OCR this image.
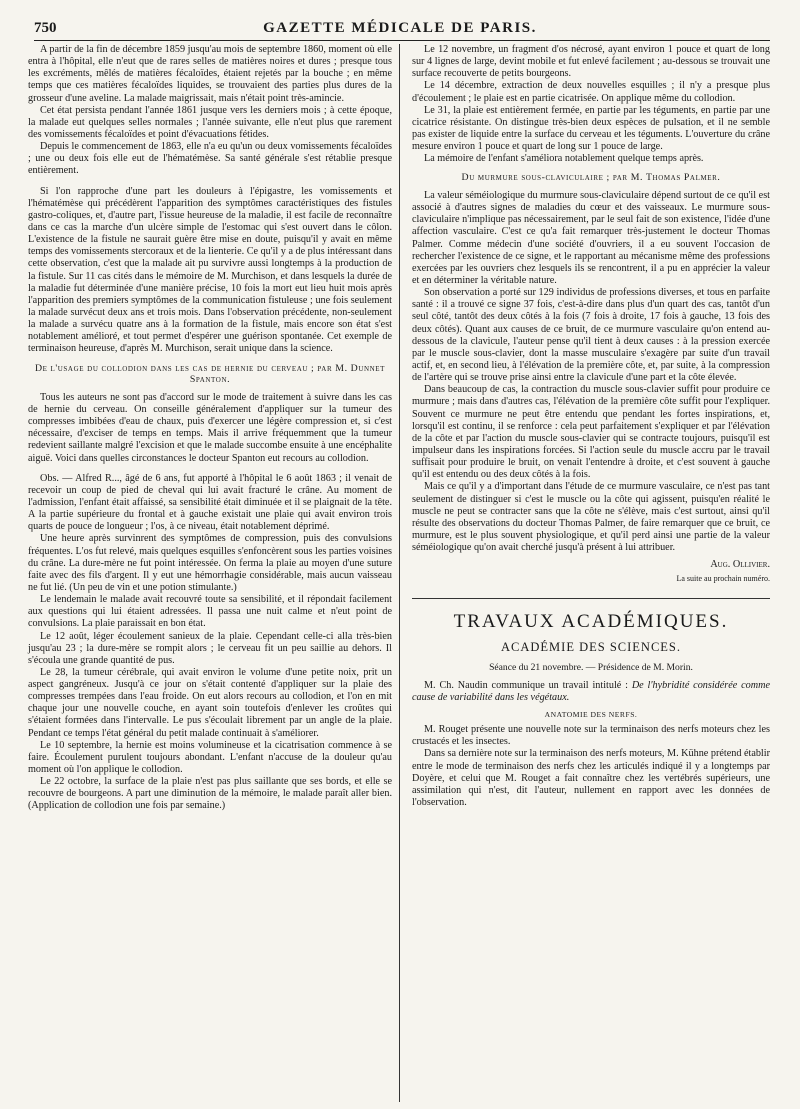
750	GAZETTE MÉDICALE DE PARIS.

A partir de la fin de décembre 1859 jusqu'au mois de septembre 1860, moment où elle entra à l'hôpital, elle n'eut que de rares selles de matières noires et dures ; presque tous les excréments, mêlés de matières fécaloïdes, étaient rejetés par la bouche ; en même temps que ces matières fécaloïdes liquides, se trouvaient des parties plus dures de la grosseur d'une aveline. La malade maigrissait, mais n'était point très-amincie.

Cet état persista pendant l'année 1861 jusque vers les derniers mois ; à cette époque, la malade eut quelques selles normales ; l'année suivante, elle n'eut plus que rarement des vomissements fécaloïdes et point d'évacuations fétides.

Depuis le commencement de 1863, elle n'a eu qu'un ou deux vomissements fécaloïdes ; une ou deux fois elle eut de l'hématémèse. Sa santé générale s'est rétablie presque entièrement.

Si l'on rapproche d'une part les douleurs à l'épigastre, les vomissements et l'hématémèse qui précédèrent l'apparition des symptômes caractéristiques des fistules gastro-coliques, et, d'autre part, l'issue heureuse de la maladie, il est facile de reconnaître dans ce cas la marche d'un ulcère simple de l'estomac qui s'est ouvert dans le côlon. L'existence de la fistule ne saurait guère être mise en doute, puisqu'il y avait en même temps des vomissements stercoraux et de la lienterie. Ce qu'il y a de plus intéressant dans cette observation, c'est que la malade ait pu survivre aussi longtemps à la production de la fistule. Sur 11 cas cités dans le mémoire de M. Murchison, et dans lesquels la durée de la maladie fut déterminée d'une manière précise, 10 fois la mort eut lieu huit mois après l'apparition des premiers symptômes de la communication fistuleuse ; une fois seulement la malade survécut deux ans et trois mois. Dans l'observation précédente, non-seulement la malade a survécu quatre ans à la formation de la fistule, mais encore son état s'est notablement amélioré, et tout permet d'espérer une guérison spontanée. Cet exemple de terminaison heureuse, d'après M. Murchison, serait unique dans la science.

De l'usage du collodion dans les cas de hernie du cerveau ; par M. Dunnet Spanton.

Tous les auteurs ne sont pas d'accord sur le mode de traitement à suivre dans les cas de hernie du cerveau. On conseille généralement d'appliquer sur la tumeur des compresses imbibées d'eau de chaux, puis d'exercer une légère compression et, si c'est nécessaire, d'exciser de temps en temps. Mais il arrive fréquemment que la tumeur redevient saillante malgré l'excision et que le malade succombe ensuite à une encéphalite aiguë. Voici dans quelles circonstances le docteur Spanton eut recours au collodion.

Obs. — Alfred R..., âgé de 6 ans, fut apporté à l'hôpital le 6 août 1863 ; il venait de recevoir un coup de pied de cheval qui lui avait fracturé le crâne. Au moment de l'admission, l'enfant était affaissé, sa sensibilité était diminuée et il se plaignait de la tête. A la partie supérieure du frontal et à gauche existait une plaie qui avait environ trois quarts de pouce de longueur ; l'os, à ce niveau, était notablement déprimé.

Une heure après survinrent des symptômes de compression, puis des convulsions fréquentes. L'os fut relevé, mais quelques esquilles s'enfoncèrent sous les parties voisines du crâne. La dure-mère ne fut point intéressée. On ferma la plaie au moyen d'une suture faite avec des fils d'argent. Il y eut une hémorrhagie considérable, mais aucun vaisseau ne fut lié. (Un peu de vin et une potion stimulante.)

Le lendemain le malade avait recouvré toute sa sensibilité, et il répondait facilement aux questions qui lui étaient adressées. Il passa une nuit calme et n'eut point de convulsions. La plaie paraissait en bon état.

Le 12 août, léger écoulement sanieux de la plaie. Cependant celle-ci alla très-bien jusqu'au 23 ; la dure-mère se rompit alors ; le cerveau fit un peu saillie au dehors. Il s'écoula une grande quantité de pus.

Le 28, la tumeur cérébrale, qui avait environ le volume d'une petite noix, prit un aspect gangréneux. Jusqu'à ce jour on s'était contenté d'appliquer sur la plaie des compresses trempées dans l'eau froide. On eut alors recours au collodion, et l'on en mit chaque jour une nouvelle couche, en ayant soin toutefois d'enlever les croûtes qui s'étaient formées dans l'intervalle. Le pus s'écoulait librement par un angle de la plaie. Pendant ce temps l'état général du petit malade continuait à s'améliorer.

Le 10 septembre, la hernie est moins volumineuse et la cicatrisation commence à se faire. Écoulement purulent toujours abondant. L'enfant n'accuse de la douleur qu'au moment où l'on applique le collodion.

Le 22 octobre, la surface de la plaie n'est pas plus saillante que ses bords, et elle se recouvre de bourgeons. A part une diminution de la mémoire, le malade paraît aller bien. (Application de collodion une fois par semaine.)

Le 12 novembre, un fragment d'os nécrosé, ayant environ 1 pouce et quart de long sur 4 lignes de large, devint mobile et fut enlevé facilement ; au-dessous se trouvait une surface recouverte de petits bourgeons.

Le 14 décembre, extraction de deux nouvelles esquilles ; il n'y a presque plus d'écoulement ; le plaie est en partie cicatrisée. On applique même du collodion.

Le 31, la plaie est entièrement fermée, en partie par les téguments, en partie par une cicatrice résistante. On distingue très-bien deux espèces de pulsation, et il ne semble pas exister de liquide entre la surface du cerveau et les téguments. L'ouverture du crâne mesure environ 1 pouce et quart de long sur 1 pouce de large.

La mémoire de l'enfant s'améliora notablement quelque temps après.

Du murmure sous-claviculaire ; par M. Thomas Palmer.

La valeur séméiologique du murmure sous-claviculaire dépend surtout de ce qu'il est associé à d'autres signes de maladies du cœur et des vaisseaux. Le murmure sous-claviculaire n'implique pas nécessairement, par le seul fait de son existence, l'idée d'une affection vasculaire. C'est ce qu'a fait remarquer très-justement le docteur Thomas Palmer. Comme médecin d'une société d'ouvriers, il a eu souvent l'occasion de rechercher l'existence de ce signe, et le rapportant au mécanisme même des professions exercées par les ouvriers chez lesquels ils se rencontrent, il a pu en apprécier la valeur et en déterminer la véritable nature.

Son observation a porté sur 129 individus de professions diverses, et tous en parfaite santé : il a trouvé ce signe 37 fois, c'est-à-dire dans plus d'un quart des cas, tantôt d'un seul côté, tantôt des deux côtés à la fois (7 fois à droite, 17 fois à gauche, 13 fois des deux côtés). Quant aux causes de ce bruit, de ce murmure vasculaire qu'on entend au-dessous de la clavicule, l'auteur pense qu'il tient à deux causes : à la pression exercée par le muscle sous-clavier, dont la masse musculaire s'exagère par suite d'un travail actif, et, en second lieu, à l'élévation de la première côte, et, par suite, à la compression de l'artère qui se trouve prise ainsi entre la clavicule d'une part et la côte élevée.

Dans beaucoup de cas, la contraction du muscle sous-clavier suffit pour produire ce murmure ; mais dans d'autres cas, l'élévation de la première côte suffit pour l'expliquer. Souvent ce murmure ne peut être entendu que pendant les fortes inspirations, et, lorsqu'il est continu, il se renforce : cela peut parfaitement s'expliquer et par l'élévation de la côte et par l'action du muscle sous-clavier qui se contracte toujours, puisqu'il est impulseur dans les inspirations forcées. Si l'action seule du muscle accru par le travail suffisait pour produire le bruit, on venait l'entendre à droite, et c'est souvent à gauche qu'il est entendu ou des deux côtés à la fois.

Mais ce qu'il y a d'important dans l'étude de ce murmure vasculaire, ce n'est pas tant seulement de distinguer si c'est le muscle ou la côte qui agissent, puisqu'en réalité le muscle ne peut se contracter sans que la côte ne s'élève, mais c'est surtout, ainsi qu'il résulte des observations du docteur Thomas Palmer, de faire remarquer que ce bruit, ce murmure, est le plus souvent physiologique, et qu'il perd ainsi une partie de la valeur séméiologique qu'on avait cherché jusqu'à présent à lui attribuer.

Aug. Ollivier.
La suite au prochain numéro.
TRAVAUX ACADÉMIQUES.
ACADÉMIE DES SCIENCES.
Séance du 21 novembre. — Présidence de M. Morin.

M. Ch. Naudin communique un travail intitulé : De l'hybridité considérée comme cause de variabilité dans les végétaux.

ANATOMIE DES NERFS.

M. Rouget présente une nouvelle note sur la terminaison des nerfs moteurs chez les crustacés et les insectes.

Dans sa dernière note sur la terminaison des nerfs moteurs, M. Kühne prétend établir entre le mode de terminaison des nerfs chez les articulés indiqué il y a longtemps par Doyère, et celui que M. Rouget a fait connaître chez les vertébrés supérieurs, une assimilation qui n'est, dit l'auteur, nullement en rapport avec les données de l'observation.
